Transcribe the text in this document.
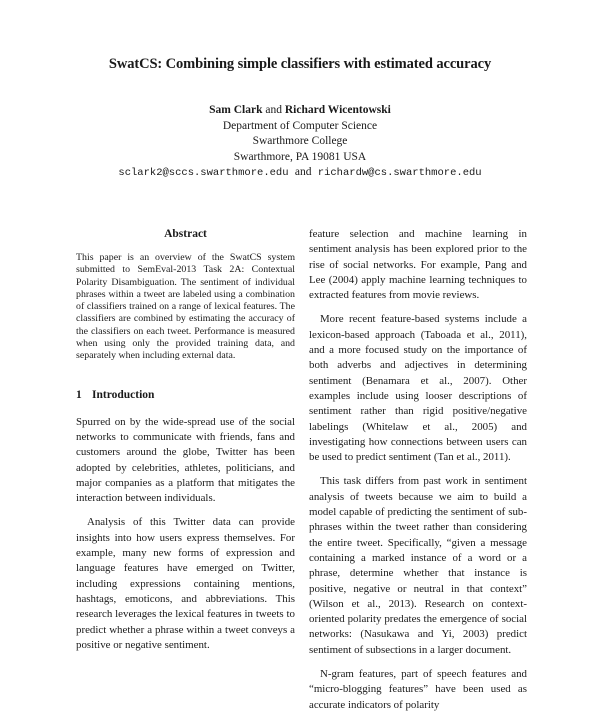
SwatCS: Combining simple classifiers with estimated accuracy
Sam Clark and Richard Wicentowski
Department of Computer Science
Swarthmore College
Swarthmore, PA 19081 USA
sclark2@sccs.swarthmore.edu and richardw@cs.swarthmore.edu
Abstract

This paper is an overview of the SwatCS system submitted to SemEval-2013 Task 2A: Contextual Polarity Disambiguation. The sentiment of individual phrases within a tweet are labeled using a combination of classifiers trained on a range of lexical features. The classifiers are combined by estimating the accuracy of the classifiers on each tweet. Performance is measured when using only the provided training data, and separately when including external data.

1 Introduction

Spurred on by the wide-spread use of the social networks to communicate with friends, fans and customers around the globe, Twitter has been adopted by celebrities, athletes, politicians, and major companies as a platform that mitigates the interaction between individuals.

Analysis of this Twitter data can provide insights into how users express themselves. For example, many new forms of expression and language features have emerged on Twitter, including expressions containing mentions, hashtags, emoticons, and abbreviations. This research leverages the lexical features in tweets to predict whether a phrase within a tweet conveys a positive or negative sentiment.

feature selection and machine learning in sentiment analysis has been explored prior to the rise of social networks. For example, Pang and Lee (2004) apply machine learning techniques to extracted features from movie reviews.

More recent feature-based systems include a lexicon-based approach (Taboada et al., 2011), and a more focused study on the importance of both adverbs and adjectives in determining sentiment (Benamara et al., 2007). Other examples include using looser descriptions of sentiment rather than rigid positive/negative labelings (Whitelaw et al., 2005) and investigating how connections between users can be used to predict sentiment (Tan et al., 2011).

This task differs from past work in sentiment analysis of tweets because we aim to build a model capable of predicting the sentiment of sub-phrases within the tweet rather than considering the entire tweet. Specifically, “given a message containing a marked instance of a word or a phrase, determine whether that instance is positive, negative or neutral in that context” (Wilson et al., 2013). Research on context-oriented polarity predates the emergence of social networks: (Nasukawa and Yi, 2003) predict sentiment of subsections in a larger document.

N-gram features, part of speech features and “micro-blogging features” have been used as accurate indicators of polarity
